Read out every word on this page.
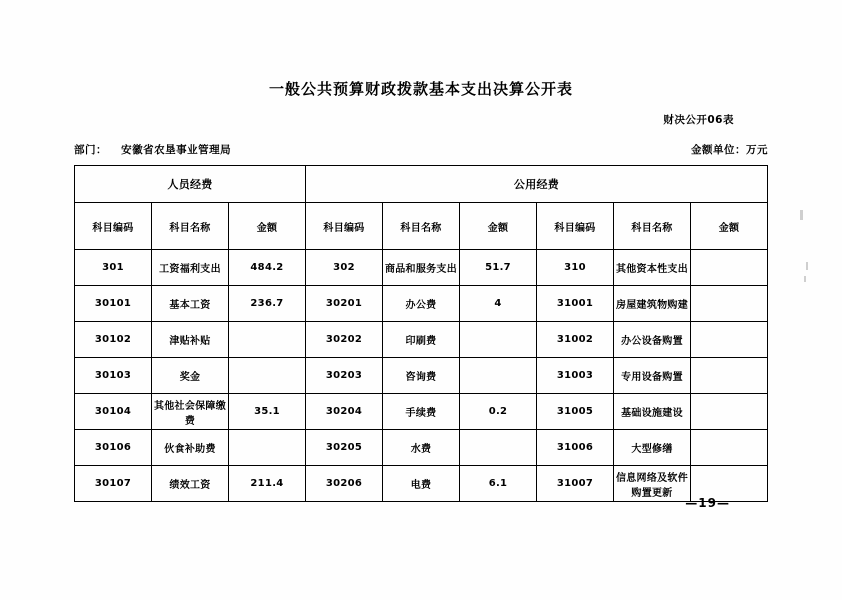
一般公共预算财政拨款基本支出决算公开表
财决公开06表
部门： 安徽省农垦事业管理局	金额单位：万元
人员经费			公用经费					
科目编码	科目名称	金额	科目编码	科目名称	金额	科目编码	科目名称	金额
301	工资福利支出	484.2	302	商品和服务支出	51.7	310	其他资本性支出	
30101	基本工资	236.7	30201	办公费	4	31001	房屋建筑物购建	
30102	津贴补贴		30202	印刷费		31002	办公设备购置	
30103	奖金		30203	咨询费		31003	专用设备购置	
30104	其他社会保障缴费	35.1	30204	手续费	0.2	31005	基础设施建设	
30106	伙食补助费		30205	水费		31006	大型修缮	
30107	绩效工资	211.4	30206	电费	6.1	31007	信息网络及软件购置更新	
—19—
